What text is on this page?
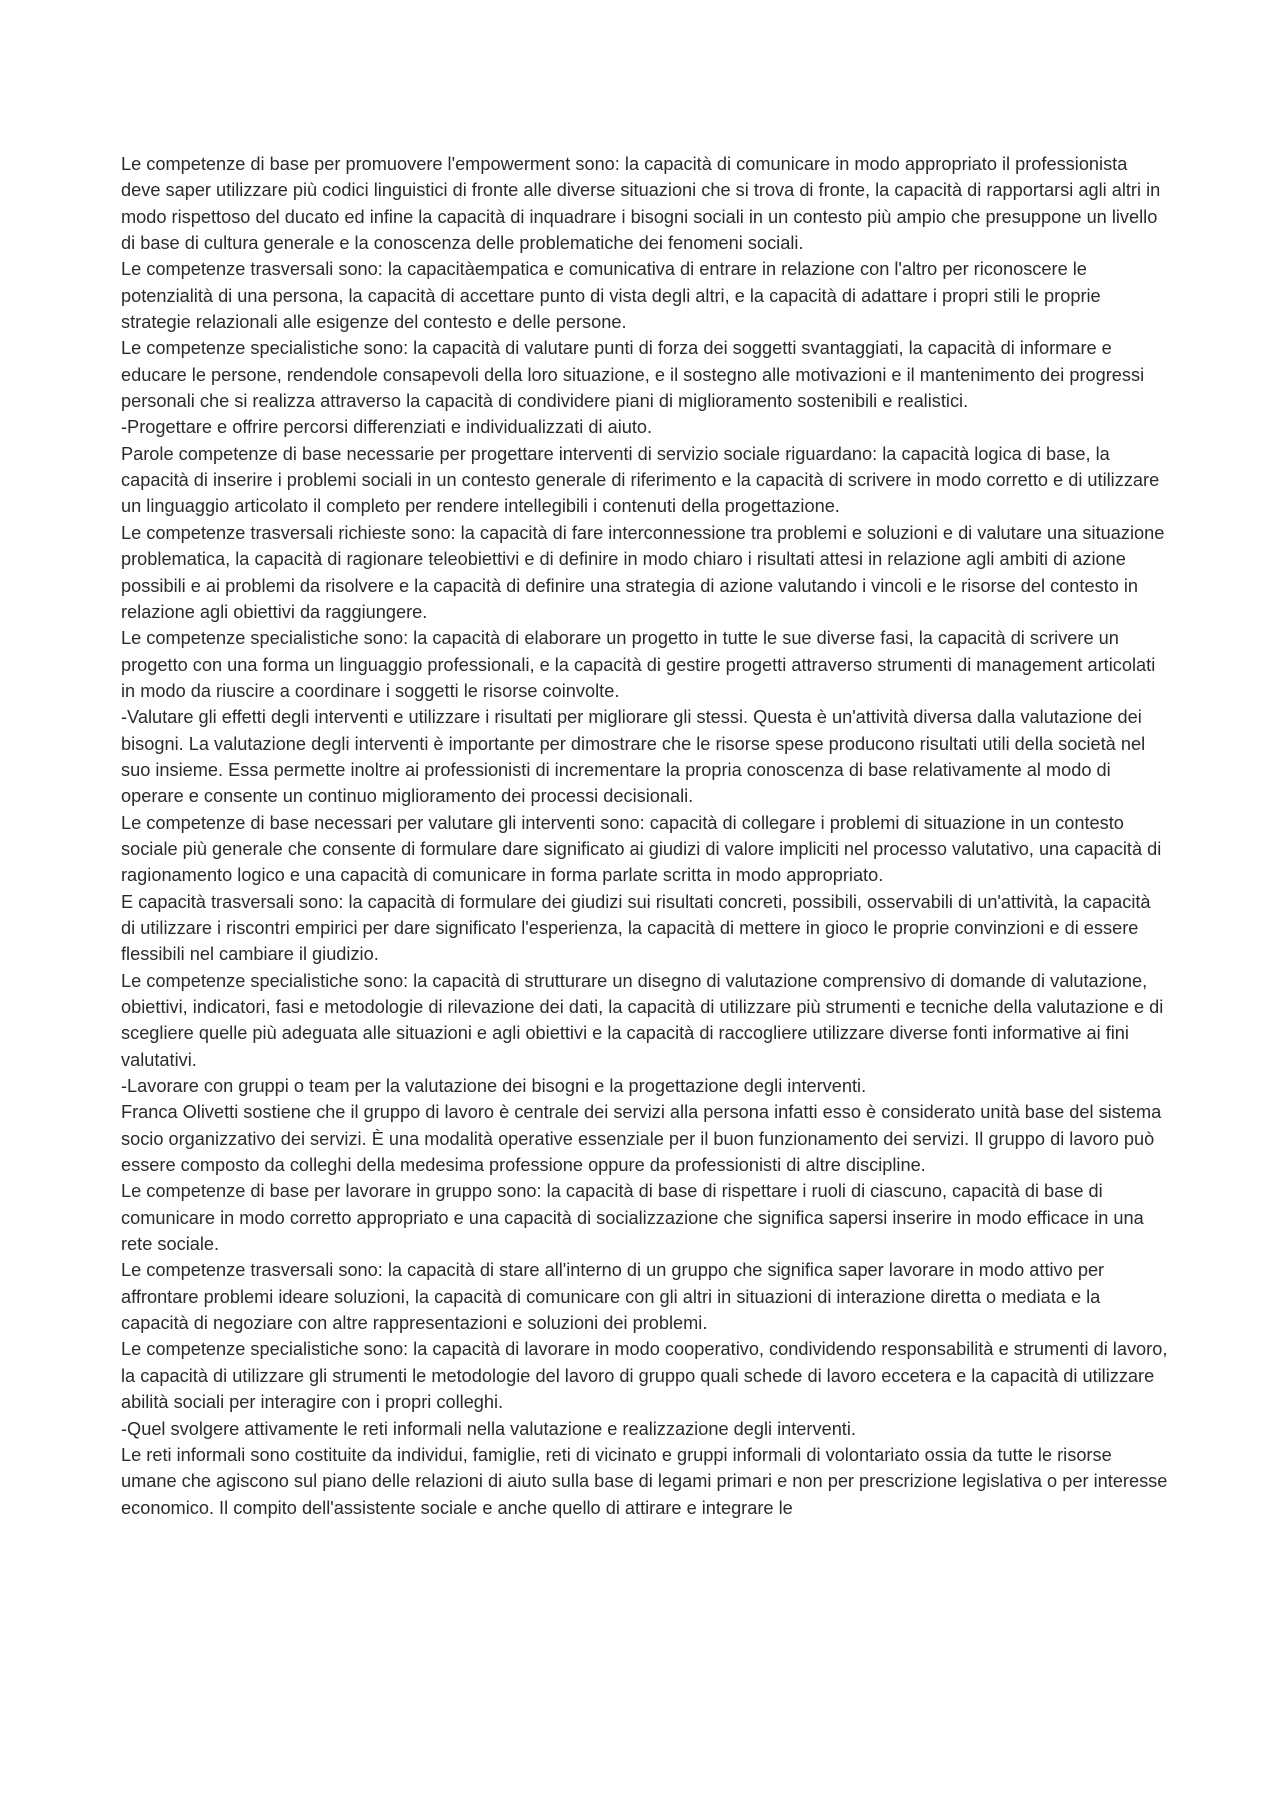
Le competenze di base per promuovere l'empowerment sono: la capacità di comunicare in modo appropriato il professionista deve saper utilizzare più codici linguistici di fronte alle diverse situazioni che si trova di fronte, la capacità di rapportarsi agli altri in modo rispettoso del ducato ed infine la capacità di inquadrare i bisogni sociali in un contesto più ampio che presuppone un livello di base di cultura generale e la conoscenza delle problematiche dei fenomeni sociali.

Le competenze trasversali sono: la capacitàempatica e comunicativa di entrare in relazione con l'altro per riconoscere le potenzialità di una persona, la capacità di accettare punto di vista degli altri, e la capacità di adattare i propri stili le proprie strategie relazionali alle esigenze del contesto e delle persone.

Le competenze specialistiche sono: la capacità di valutare punti di forza dei soggetti svantaggiati, la capacità di informare e educare le persone, rendendole consapevoli della loro situazione, e il sostegno alle motivazioni e il mantenimento dei progressi personali che si realizza attraverso la capacità di condividere piani di miglioramento sostenibili e realistici.

-Progettare e offrire percorsi differenziati e individualizzati di aiuto.

Parole competenze di base necessarie per progettare interventi di servizio sociale riguardano: la capacità logica di base, la capacità di inserire i problemi sociali in un contesto generale di riferimento e la capacità di scrivere in modo corretto e di utilizzare un linguaggio articolato il completo per rendere intellegibili i contenuti della progettazione.

Le competenze trasversali richieste sono: la capacità di fare interconnessione tra problemi e soluzioni e di valutare una situazione problematica, la capacità di ragionare teleobiettivi e di definire in modo chiaro i risultati attesi in relazione agli ambiti di azione possibili e ai problemi da risolvere e la capacità di definire una strategia di azione valutando i vincoli e le risorse del contesto in relazione agli obiettivi da raggiungere.

Le competenze specialistiche sono: la capacità di elaborare un progetto in tutte le sue diverse fasi, la capacità di scrivere un progetto con una forma un linguaggio professionali, e la capacità di gestire progetti attraverso strumenti di management articolati in modo da riuscire a coordinare i soggetti le risorse coinvolte.

-Valutare gli effetti degli interventi e utilizzare i risultati per migliorare gli stessi. Questa è un'attività diversa dalla valutazione dei bisogni. La valutazione degli interventi è importante per dimostrare che le risorse spese producono risultati utili della società nel suo insieme. Essa permette inoltre ai professionisti di incrementare la propria conoscenza di base relativamente al modo di operare e consente un continuo miglioramento dei processi decisionali.

Le competenze di base necessari per valutare gli interventi sono: capacità di collegare i problemi di situazione in un contesto sociale più generale che consente di formulare dare significato ai giudizi di valore impliciti nel processo valutativo, una capacità di ragionamento logico e una capacità di comunicare in forma parlate scritta in modo appropriato.

E capacità trasversali sono: la capacità di formulare dei giudizi sui risultati concreti, possibili, osservabili di un'attività, la capacità di utilizzare i riscontri empirici per dare significato l'esperienza, la capacità di mettere in gioco le proprie convinzioni e di essere flessibili nel cambiare il giudizio.

Le competenze specialistiche sono: la capacità di strutturare un disegno di valutazione comprensivo di domande di valutazione, obiettivi, indicatori, fasi e metodologie di rilevazione dei dati, la capacità di utilizzare più strumenti e tecniche della valutazione e di scegliere quelle più adeguata alle situazioni e agli obiettivi e la capacità di raccogliere utilizzare diverse fonti informative ai fini valutativi.

-Lavorare con gruppi o team per la valutazione dei bisogni e la progettazione degli interventi.

Franca Olivetti sostiene che il gruppo di lavoro è centrale dei servizi alla persona infatti esso è considerato unità base del sistema socio organizzativo dei servizi. È una modalità operative essenziale per il buon funzionamento dei servizi. Il gruppo di lavoro può essere composto da colleghi della medesima professione oppure da professionisti di altre discipline.

Le competenze di base per lavorare in gruppo sono: la capacità di base di rispettare i ruoli di ciascuno, capacità di base di comunicare in modo corretto appropriato e una capacità di socializzazione che significa sapersi inserire in modo efficace in una rete sociale.

Le competenze trasversali sono: la capacità di stare all'interno di un gruppo che significa saper lavorare in modo attivo per affrontare problemi ideare soluzioni, la capacità di comunicare con gli altri in situazioni di interazione diretta o mediata e la capacità di negoziare con altre rappresentazioni e soluzioni dei problemi.

Le competenze specialistiche sono: la capacità di lavorare in modo cooperativo, condividendo responsabilità e strumenti di lavoro, la capacità di utilizzare gli strumenti le metodologie del lavoro di gruppo quali schede di lavoro eccetera e la capacità di utilizzare abilità sociali per interagire con i propri colleghi.

-Quel svolgere attivamente le reti informali nella valutazione e realizzazione degli interventi.

Le reti informali sono costituite da individui, famiglie, reti di vicinato e gruppi informali di volontariato ossia da tutte le risorse umane che agiscono sul piano delle relazioni di aiuto sulla base di legami primari e non per prescrizione legislativa o per interesse economico. Il compito dell'assistente sociale e anche quello di attirare e integrare le
